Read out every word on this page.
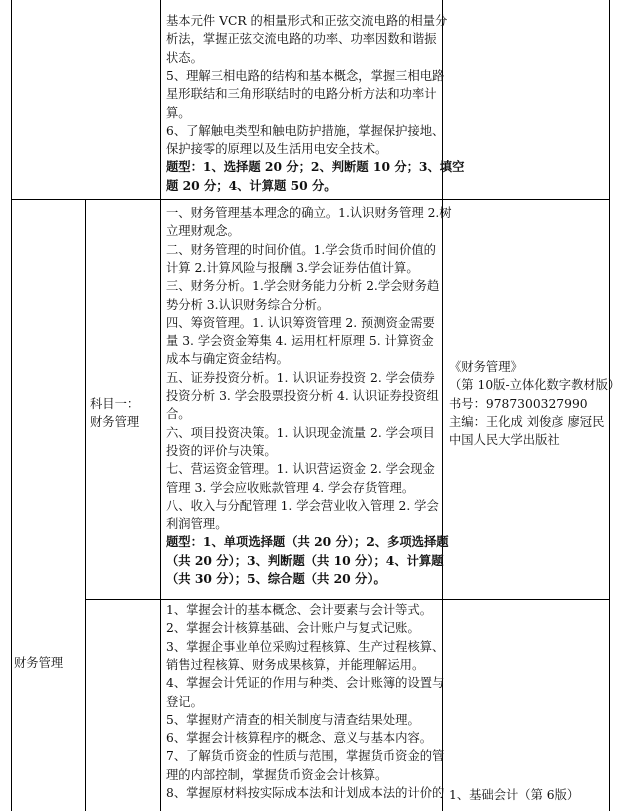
基本元件 VCR 的相量形式和正弦交流电路的相量分
析法，掌握正弦交流电路的功率、功率因数和谐振
状态。
5、理解三相电路的结构和基本概念，掌握三相电路
星形联结和三角形联结时的电路分析方法和功率计
算。
6、了解触电类型和触电防护措施，掌握保护接地、
保护接零的原理以及生活用电安全技术。
题型：1、选择题 20 分；2、判断题 10 分；3、填空
题 20 分；4、计算题 50 分。
财务管理
科目一：
财务管理
一、财务管理基本理念的确立。1.认识财务管理 2.树
立理财观念。
二、财务管理的时间价值。1.学会货币时间价值的
计算 2.计算风险与报酬 3.学会证券估值计算。
三、财务分析。1.学会财务能力分析 2.学会财务趋
势分析 3.认识财务综合分析。
四、筹资管理。1. 认识筹资管理 2. 预测资金需要
量 3. 学会资金筹集 4. 运用杠杆原理 5. 计算资金
成本与确定资金结构。
五、证券投资分析。1. 认识证券投资 2. 学会债券
投资分析 3. 学会股票投资分析 4. 认识证券投资组
合。
六、项目投资决策。1. 认识现金流量 2. 学会项目
投资的评价与决策。
七、营运资金管理。1. 认识营运资金 2. 学会现金
管理 3. 学会应收账款管理 4. 学会存货管理。
八、收入与分配管理 1. 学会营业收入管理 2. 学会
利润管理。
题型：1、单项选择题（共 20 分）；2、多项选择题
（共 20 分）；3、判断题（共 10 分）；4、计算题
（共 30 分）；5、综合题（共 20 分）。
《财务管理》
（第 10版-立体化数字教材版）
书号：9787300327990
主编：王化成 刘俊彦 廖冠民
中国人民大学出版社
1、掌握会计的基本概念、会计要素与会计等式。
2、掌握会计核算基础、会计账户与复式记账。
3、掌握企事业单位采购过程核算、生产过程核算、
销售过程核算、财务成果核算，并能理解运用。
4、掌握会计凭证的作用与种类、会计账簿的设置与
登记。
5、掌握财产清查的相关制度与清查结果处理。
6、掌握会计核算程序的概念、意义与基本内容。
7、了解货币资金的性质与范围，掌握货币资金的管
理的内部控制，掌握货币资金会计核算。
8、掌握原材料按实际成本法和计划成本法的计价的 1、基础会计（第 6版）
